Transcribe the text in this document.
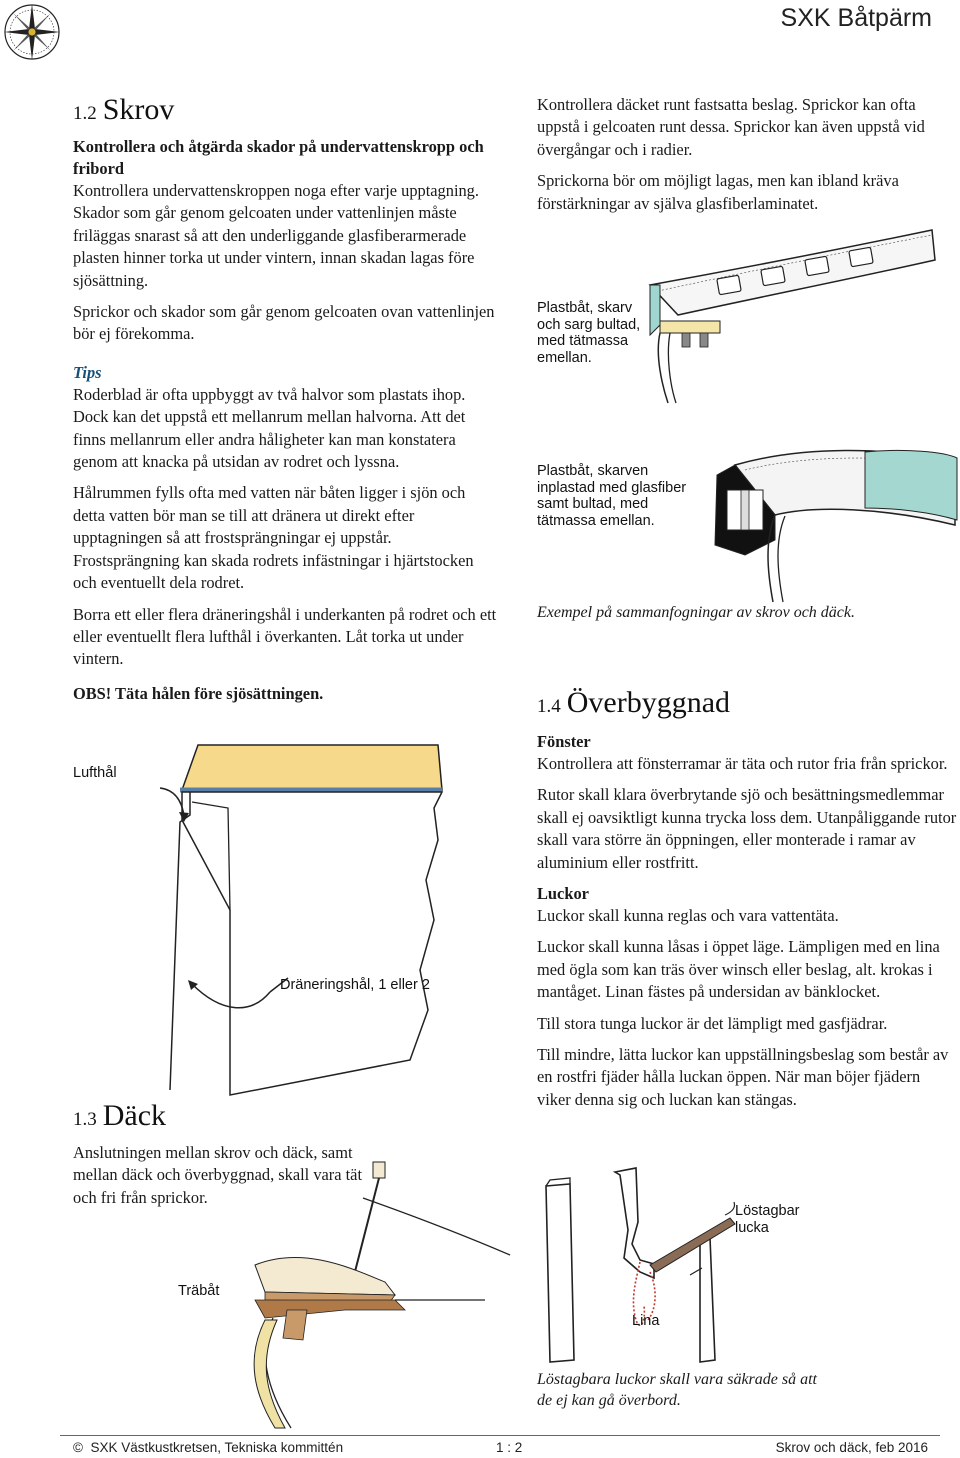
SXK Båtpärm
1.2 Skrov
Kontrollera och åtgärda skador på undervattenskropp och fribord

Kontrollera undervattenskroppen noga efter varje upptagning. Skador som går genom gelcoaten under vattenlinjen måste friläggas snarast så att den underliggande glasfiberarmerade plasten hinner torka ut under vintern, innan skadan lagas före sjösättning.

Sprickor och skador som går genom gelcoaten ovan vattenlinjen bör ej förekomma.

Tips

Roderblad är ofta uppbyggt av två halvor som plastats ihop. Dock kan det uppstå ett mellanrum mellan halvorna. Att det finns mellanrum eller andra håligheter kan man konstatera genom att knacka på utsidan av rodret och lyssna.

Hålrummen fylls ofta med vatten när båten ligger i sjön och detta vatten bör man se till att dränera ut direkt efter upptagningen så att frostsprängningar ej uppstår. Frostsprängning kan skada rodrets infästningar i hjärtstocken och eventuellt dela rodret.

Borra ett eller flera dräneringshål i underkanten på rodret och ett eller eventuellt flera lufthål i överkanten. Låt torka ut under vintern.

OBS! Täta hålen före sjösättningen.
Lufthål
Dräneringshål, 1 eller 2
1.3 Däck

Anslutningen mellan skrov och däck, samt mellan däck och överbyggnad, skall vara tät och fri från sprickor.

Träbåt

Kontrollera däcket runt fastsatta beslag. Sprickor kan ofta uppstå i gelcoaten runt dessa. Sprickor kan även uppstå vid övergångar och i radier.

Sprickorna bör om möjligt lagas, men kan ibland kräva förstärkningar av själva glasfiberlaminatet.

Plastbåt, skarv och sarg bultad, med tätmassa emellan.
Plastbåt, skarven inplastad med glasfiber samt bultad, med tätmassa emellan.
Exempel på sammanfogningar av skrov och däck.
1.4 Överbyggnad
Fönster

Kontrollera att fönsterramar är täta och rutor fria från sprickor.

Rutor skall klara överbrytande sjö och besättningsmedlemmar skall ej oavsiktligt kunna trycka loss dem. Utanpåliggande rutor skall vara större än öppningen, eller monterade i ramar av aluminium eller rostfritt.

Luckor

Luckor skall kunna reglas och vara vattentäta.

Luckor skall kunna låsas i öppet läge. Lämpligen med en lina med ögla som kan träs över winsch eller beslag, alt. krokas i mantåget. Linan fästes på undersidan av bänklocket.

Till stora tunga luckor är det lämpligt med gasfjädrar.

Till mindre, lätta luckor kan uppställningsbeslag som består av en rostfri fjäder hålla luckan öppen. När man böjer fjädern viker denna sig och luckan kan stängas.

Löstagbar lucka
Lina
Löstagbara luckor skall vara säkrade så att de ej kan gå överbord.
© SXK Västkustkretsen, Tekniska kommittén	1 : 2	Skrov och däck, feb 2016
